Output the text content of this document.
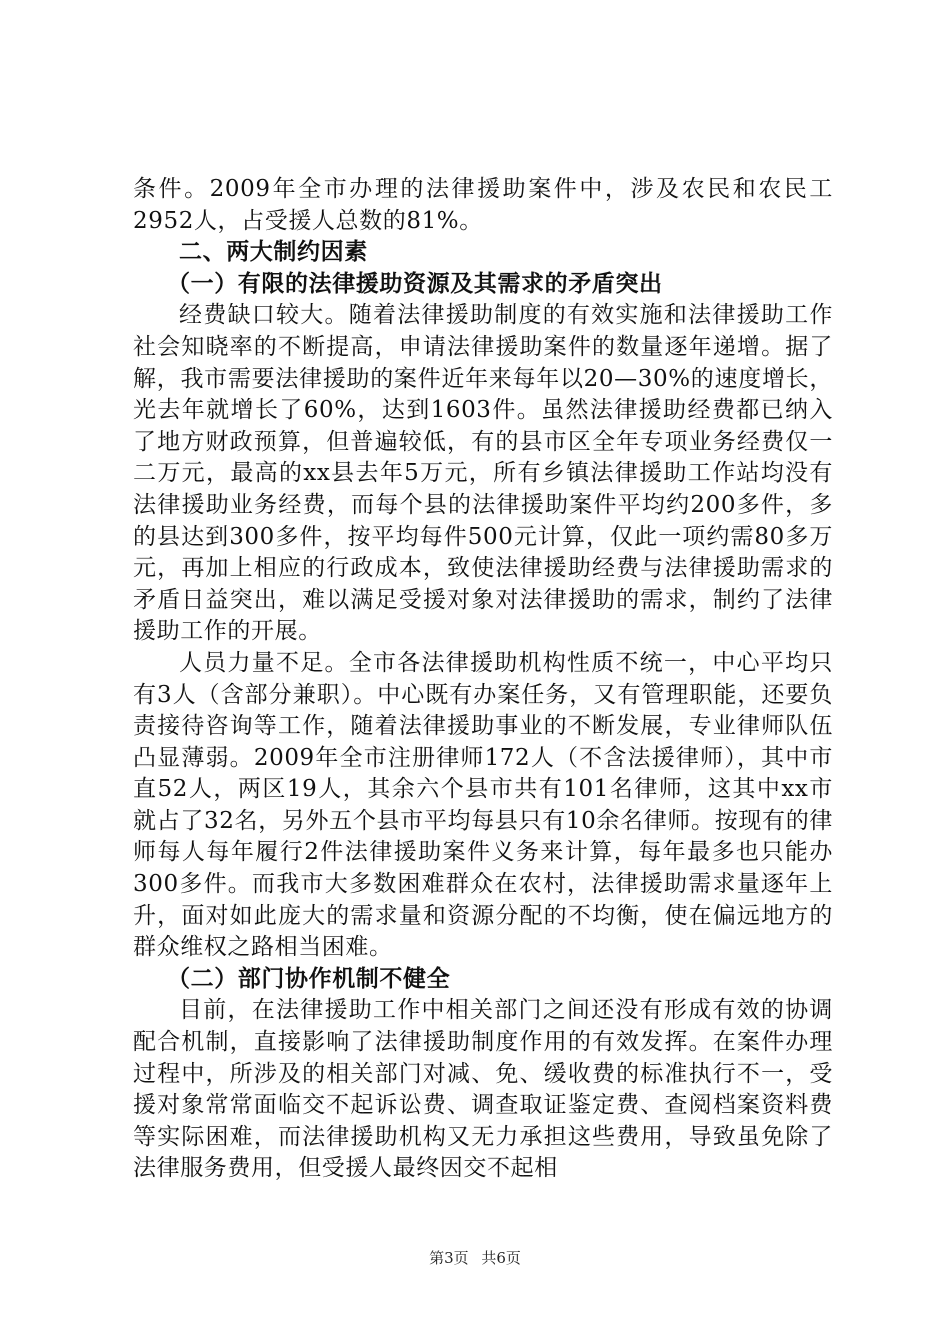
条件。2009年全市办理的法律援助案件中，涉及农民和农民工2952人，占受援人总数的81%。

二、两大制约因素

（一）有限的法律援助资源及其需求的矛盾突出

经费缺口较大。随着法律援助制度的有效实施和法律援助工作社会知晓率的不断提高，申请法律援助案件的数量逐年递增。据了解，我市需要法律援助的案件近年来每年以20—30%的速度增长，光去年就增长了60%，达到1603件。虽然法律援助经费都已纳入了地方财政预算，但普遍较低，有的县市区全年专项业务经费仅一二万元，最高的xx县去年5万元，所有乡镇法律援助工作站均没有法律援助业务经费，而每个县的法律援助案件平均约200多件，多的县达到300多件，按平均每件500元计算，仅此一项约需80多万元，再加上相应的行政成本，致使法律援助经费与法律援助需求的矛盾日益突出，难以满足受援对象对法律援助的需求，制约了法律援助工作的开展。

人员力量不足。全市各法律援助机构性质不统一，中心平均只有3人（含部分兼职）。中心既有办案任务，又有管理职能，还要负责接待咨询等工作，随着法律援助事业的不断发展，专业律师队伍凸显薄弱。2009年全市注册律师172人（不含法援律师），其中市直52人，两区19人，其余六个县市共有101名律师，这其中xx市就占了32名，另外五个县市平均每县只有10余名律师。按现有的律师每人每年履行2件法律援助案件义务来计算，每年最多也只能办300多件。而我市大多数困难群众在农村，法律援助需求量逐年上升，面对如此庞大的需求量和资源分配的不均衡，使在偏远地方的群众维权之路相当困难。

（二）部门协作机制不健全

目前，在法律援助工作中相关部门之间还没有形成有效的协调配合机制，直接影响了法律援助制度作用的有效发挥。在案件办理过程中，所涉及的相关部门对减、免、缓收费的标准执行不一，受援对象常常面临交不起诉讼费、调查取证鉴定费、查阅档案资料费等实际困难，而法律援助机构又无力承担这些费用，导致虽免除了法律服务费用，但受援人最终因交不起相

第3页 共6页
